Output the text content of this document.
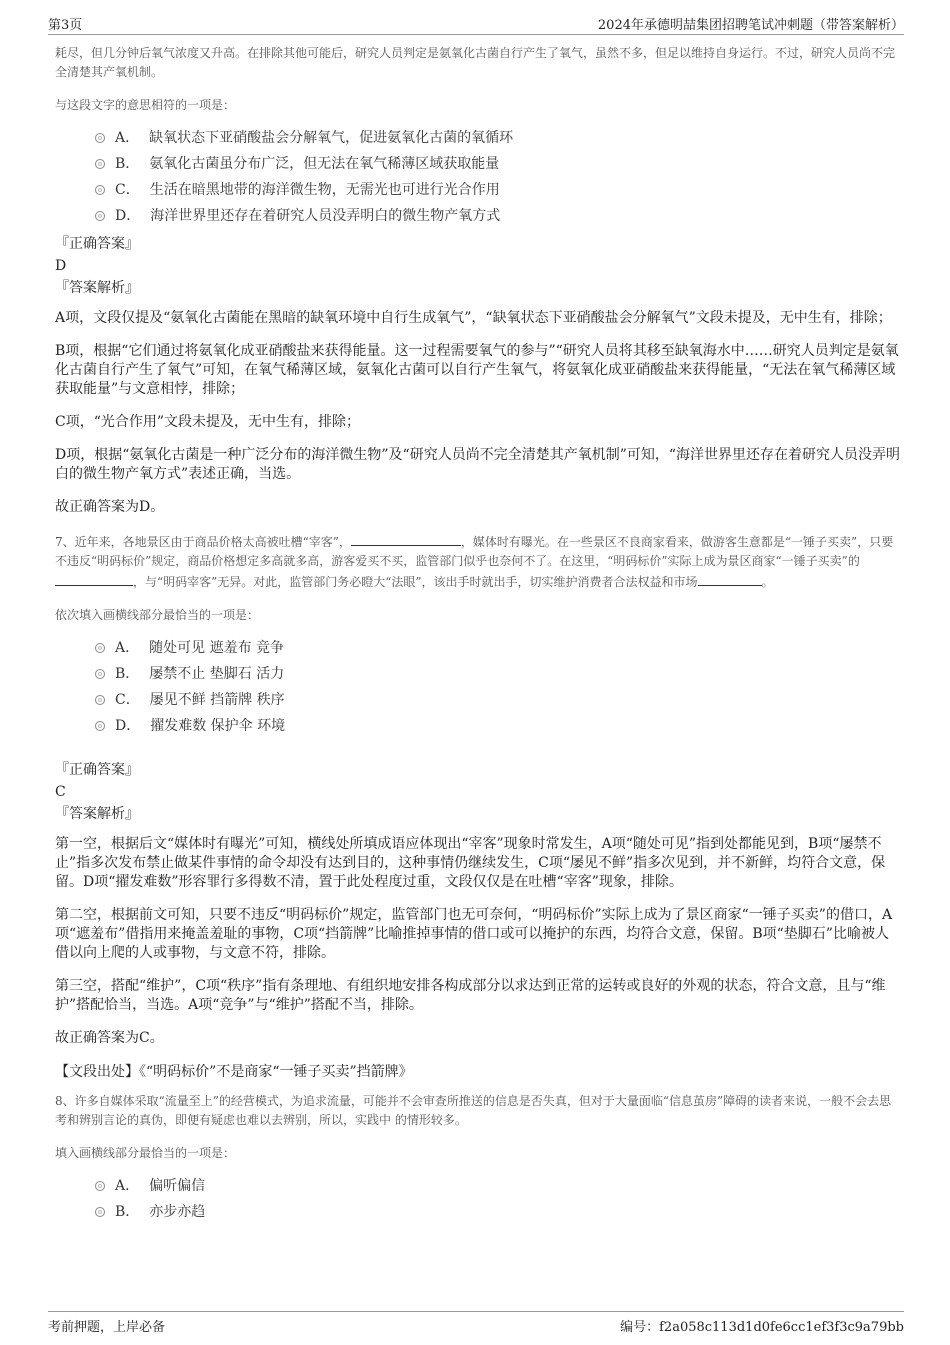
第3页	2024年承德明喆集团招聘笔试冲刺题（带答案解析）

耗尽，但几分钟后氧气浓度又升高。在排除其他可能后，研究人员判定是氨氧化古菌自行产生了氧气，虽然不多，但足以维持自身运行。不过，研究人员尚不完全清楚其产氧机制。

与这段文字的意思相符的一项是：

A． 缺氧状态下亚硝酸盐会分解氧气，促进氨氧化古菌的氧循环
B． 氨氧化古菌虽分布广泛，但无法在氧气稀薄区域获取能量
C． 生活在暗黑地带的海洋微生物，无需光也可进行光合作用
D． 海洋世界里还存在着研究人员没弄明白的微生物产氧方式
『正确答案』
D
『答案解析』

A项，文段仅提及“氨氧化古菌能在黑暗的缺氧环境中自行生成氧气”，“缺氧状态下亚硝酸盐会分解氧气”文段未提及，无中生有，排除；

B项，根据“它们通过将氨氧化成亚硝酸盐来获得能量。这一过程需要氧气的参与”“研究人员将其移至缺氧海水中……研究人员判定是氨氧化古菌自行产生了氧气”可知，在氧气稀薄区域，氨氧化古菌可以自行产生氧气，将氨氧化成亚硝酸盐来获得能量，“无法在氧气稀薄区域获取能量”与文意相悖，排除；

C项，“光合作用”文段未提及，无中生有，排除；

D项，根据“氨氧化古菌是一种广泛分布的海洋微生物”及“研究人员尚不完全清楚其产氧机制”可知，“海洋世界里还存在着研究人员没弄明白的微生物产氧方式”表述正确，当选。

故正确答案为D。

7、近年来，各地景区由于商品价格太高被吐槽“宰客”，	，媒体时有曝光。在一些景区不良商家看来，做游客生意都是“一锤子买卖”，只要不违反“明码标价”规定，商品价格想定多高就多高，游客爱买不买，监管部门似乎也奈何不了。在这里，“明码标价”实际上成为景区商家“一锤子买卖”的，与“明码宰客”无异。对此，监管部门务必瞪大“法眼”，该出手时就出手，切实维护消费者合法权益和市场	。

依次填入画横线部分最恰当的一项是：

A． 随处可见 遮羞布 竞争
B． 屡禁不止 垫脚石 活力
C． 屡见不鲜 挡箭牌 秩序
D． 擢发难数 保护伞 环境
『正确答案』
C
『答案解析』

第一空，根据后文“媒体时有曝光”可知，横线处所填成语应体现出“宰客”现象时常发生，A项“随处可见”指到处都能见到，B项“屡禁不止”指多次发布禁止做某件事情的命令却没有达到目的，这种事情仍继续发生，C项“屡见不鲜”指多次见到，并不新鲜，均符合文意，保留。D项“擢发难数”形容罪行多得数不清，置于此处程度过重，文段仅仅是在吐槽“宰客”现象，排除。

第二空，根据前文可知，只要不违反“明码标价”规定，监管部门也无可奈何，“明码标价”实际上成为了景区商家“一锤子买卖”的借口，A项“遮羞布”借指用来掩盖羞耻的事物，C项“挡箭牌”比喻推掉事情的借口或可以掩护的东西，均符合文意，保留。B项“垫脚石”比喻被人借以向上爬的人或事物，与文意不符，排除。

第三空，搭配“维护”，C项“秩序”指有条理地、有组织地安排各构成部分以求达到正常的运转或良好的外观的状态，符合文意，且与“维护”搭配恰当，当选。A项“竞争”与“维护”搭配不当，排除。

故正确答案为C。

【文段出处】《“明码标价”不是商家“一锤子买卖”挡箭牌》

8、许多自媒体采取“流量至上”的经营模式，为追求流量，可能并不会审查所推送的信息是否失真，但对于大量面临“信息茧房”障碍的读者来说，一般不会去思考和辨别言论的真伪，即便有疑虑也难以去辨别，所以，实践中 的情形较多。

填入画横线部分最恰当的一项是：

A． 偏听偏信
B． 亦步亦趋
考前押题，上岸必备	编号：f2a058c113d1d0fe6cc1ef3f3c9a79bb
